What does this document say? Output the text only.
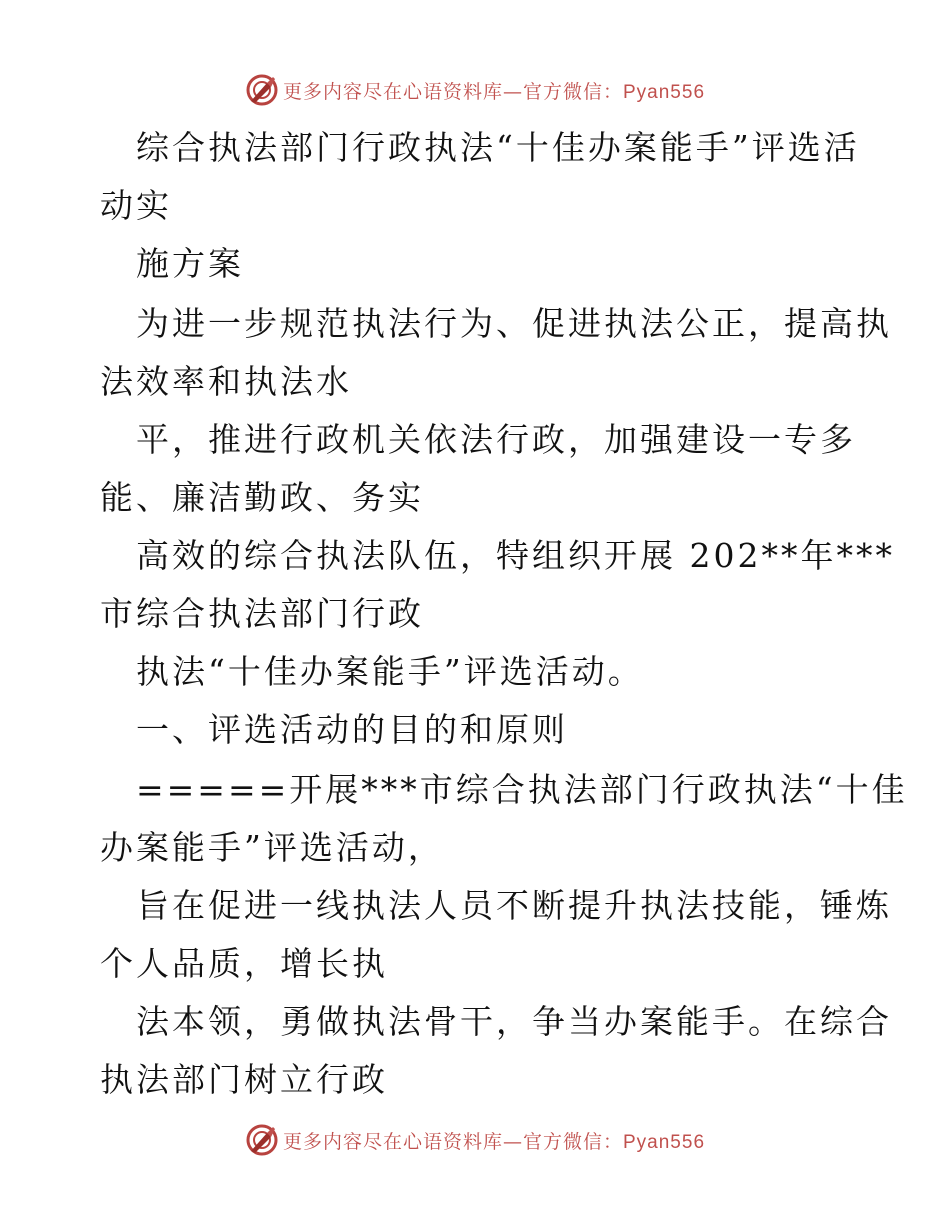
更多内容尽在心语资料库—官方微信：Pyan556
综合执法部门行政执法“十佳办案能手”评选活
动实
施方案
为进一步规范执法行为、促进执法公正，提高执
法效率和执法水
平，推进行政机关依法行政，加强建设一专多
能、廉洁勤政、务实
高效的综合执法队伍，特组织开展 202**年***
市综合执法部门行政
执法“十佳办案能手”评选活动。
一、评选活动的目的和原则
=====开展***市综合执法部门行政执法“十佳
办案能手”评选活动，
旨在促进一线执法人员不断提升执法技能，锤炼
个人品质，增长执
法本领，勇做执法骨干，争当办案能手。在综合
执法部门树立行政
更多内容尽在心语资料库—官方微信：Pyan556
